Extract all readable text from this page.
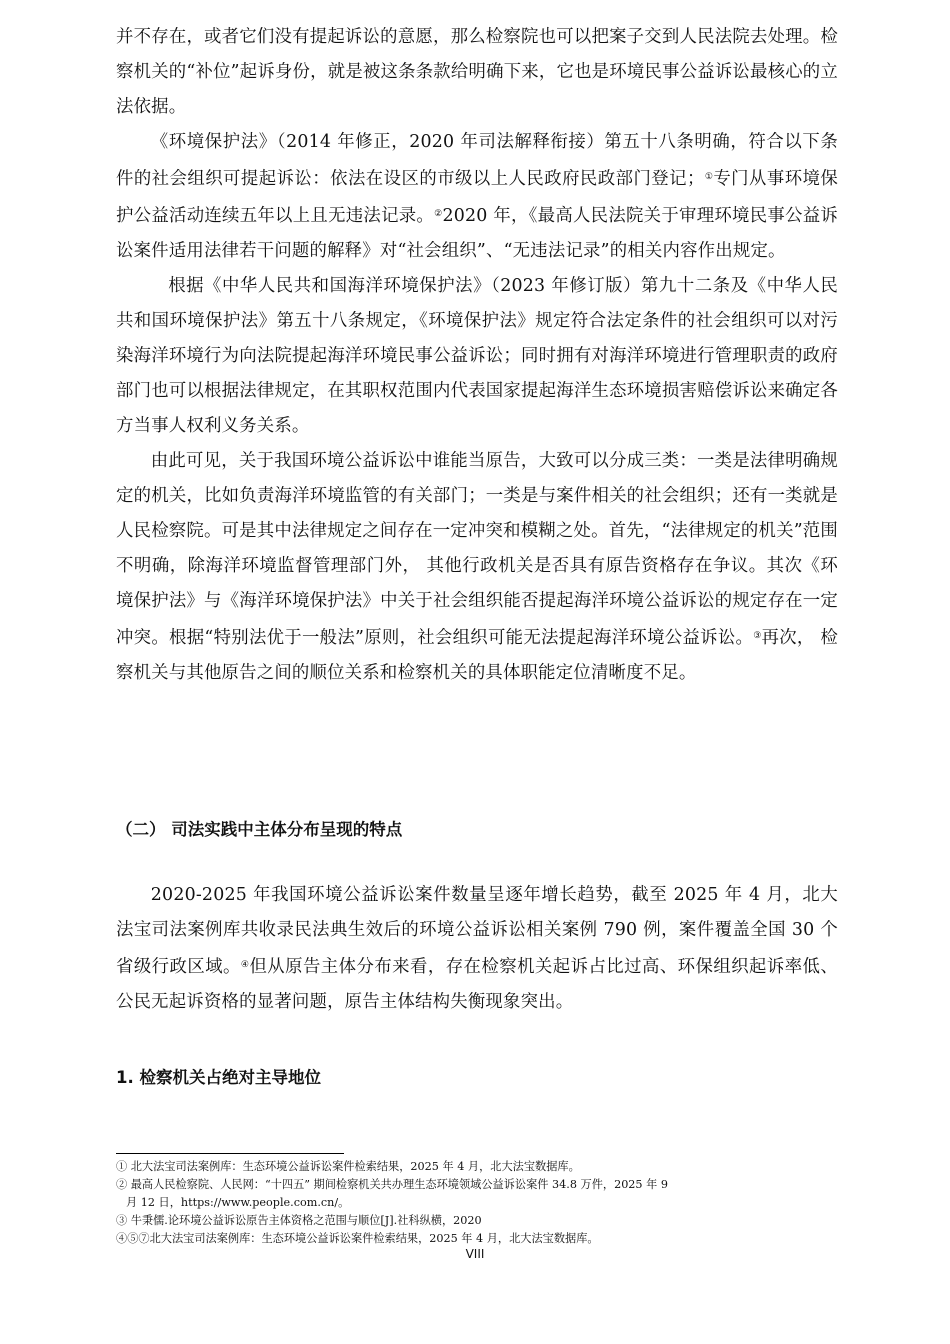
并不存在，或者它们没有提起诉讼的意愿，那么检察院也可以把案子交到人民法院去处理。检察机关的“补位”起诉身份，就是被这条条款给明确下来，它也是环境民事公益诉讼最核心的立法依据。

《环境保护法》（2014 年修正，2020 年司法解释衔接）第五十八条明确，符合以下条件的社会组织可提起诉讼：依法在设区的市级以上人民政府民政部门登记；①专门从事环境保护公益活动连续五年以上且无违法记录。②2020 年，《最高人民法院关于审理环境民事公益诉讼案件适用法律若干问题的解释》对“社会组织”、“无违法记录”的相关内容作出规定。

根据《中华人民共和国海洋环境保护法》（2023 年修订版）第九十二条及《中华人民共和国环境保护法》第五十八条规定，《环境保护法》规定符合法定条件的社会组织可以对污染海洋环境行为向法院提起海洋环境民事公益诉讼；同时拥有对海洋环境进行管理职责的政府部门也可以根据法律规定，在其职权范围内代表国家提起海洋生态环境损害赔偿诉讼来确定各方当事人权利义务关系。

由此可见，关于我国环境公益诉讼中谁能当原告，大致可以分成三类：一类是法律明确规定的机关，比如负责海洋环境监管的有关部门；一类是与案件相关的社会组织；还有一类就是人民检察院。可是其中法律规定之间存在一定冲突和模糊之处。首先，“法律规定的机关”范围不明确，除海洋环境监督管理部门外， 其他行政机关是否具有原告资格存在争议。其次《环境保护法》与《海洋环境保护法》中关于社会组织能否提起海洋环境公益诉讼的规定存在一定冲突。根据“特别法优于一般法”原则，社会组织可能无法提起海洋环境公益诉讼。③再次， 检察机关与其他原告之间的顺位关系和检察机关的具体职能定位清晰度不足。

（二） 司法实践中主体分布呈现的特点

2020-2025 年我国环境公益诉讼案件数量呈逐年增长趋势，截至 2025 年 4 月，北大法宝司法案例库共收录民法典生效后的环境公益诉讼相关案例 790 例，案件覆盖全国 30 个省级行政区域。④但从原告主体分布来看，存在检察机关起诉占比过高、环保组织起诉率低、公民无起诉资格的显著问题，原告主体结构失衡现象突出。

1. 检察机关占绝对主导地位
① 北大法宝司法案例库：生态环境公益诉讼案件检索结果，2025 年 4 月，北大法宝数据库。
② 最高人民检察院、人民网：“十四五” 期间检察机关共办理生态环境领域公益诉讼案件 34.8 万件，2025 年 9
月 12 日，https://www.people.com.cn/。
③ 牛秉儒.论环境公益诉讼原告主体资格之范围与顺位[J].社科纵横，2020
④⑤⑦北大法宝司法案例库：生态环境公益诉讼案件检索结果，2025 年 4 月，北大法宝数据库。
VIII
